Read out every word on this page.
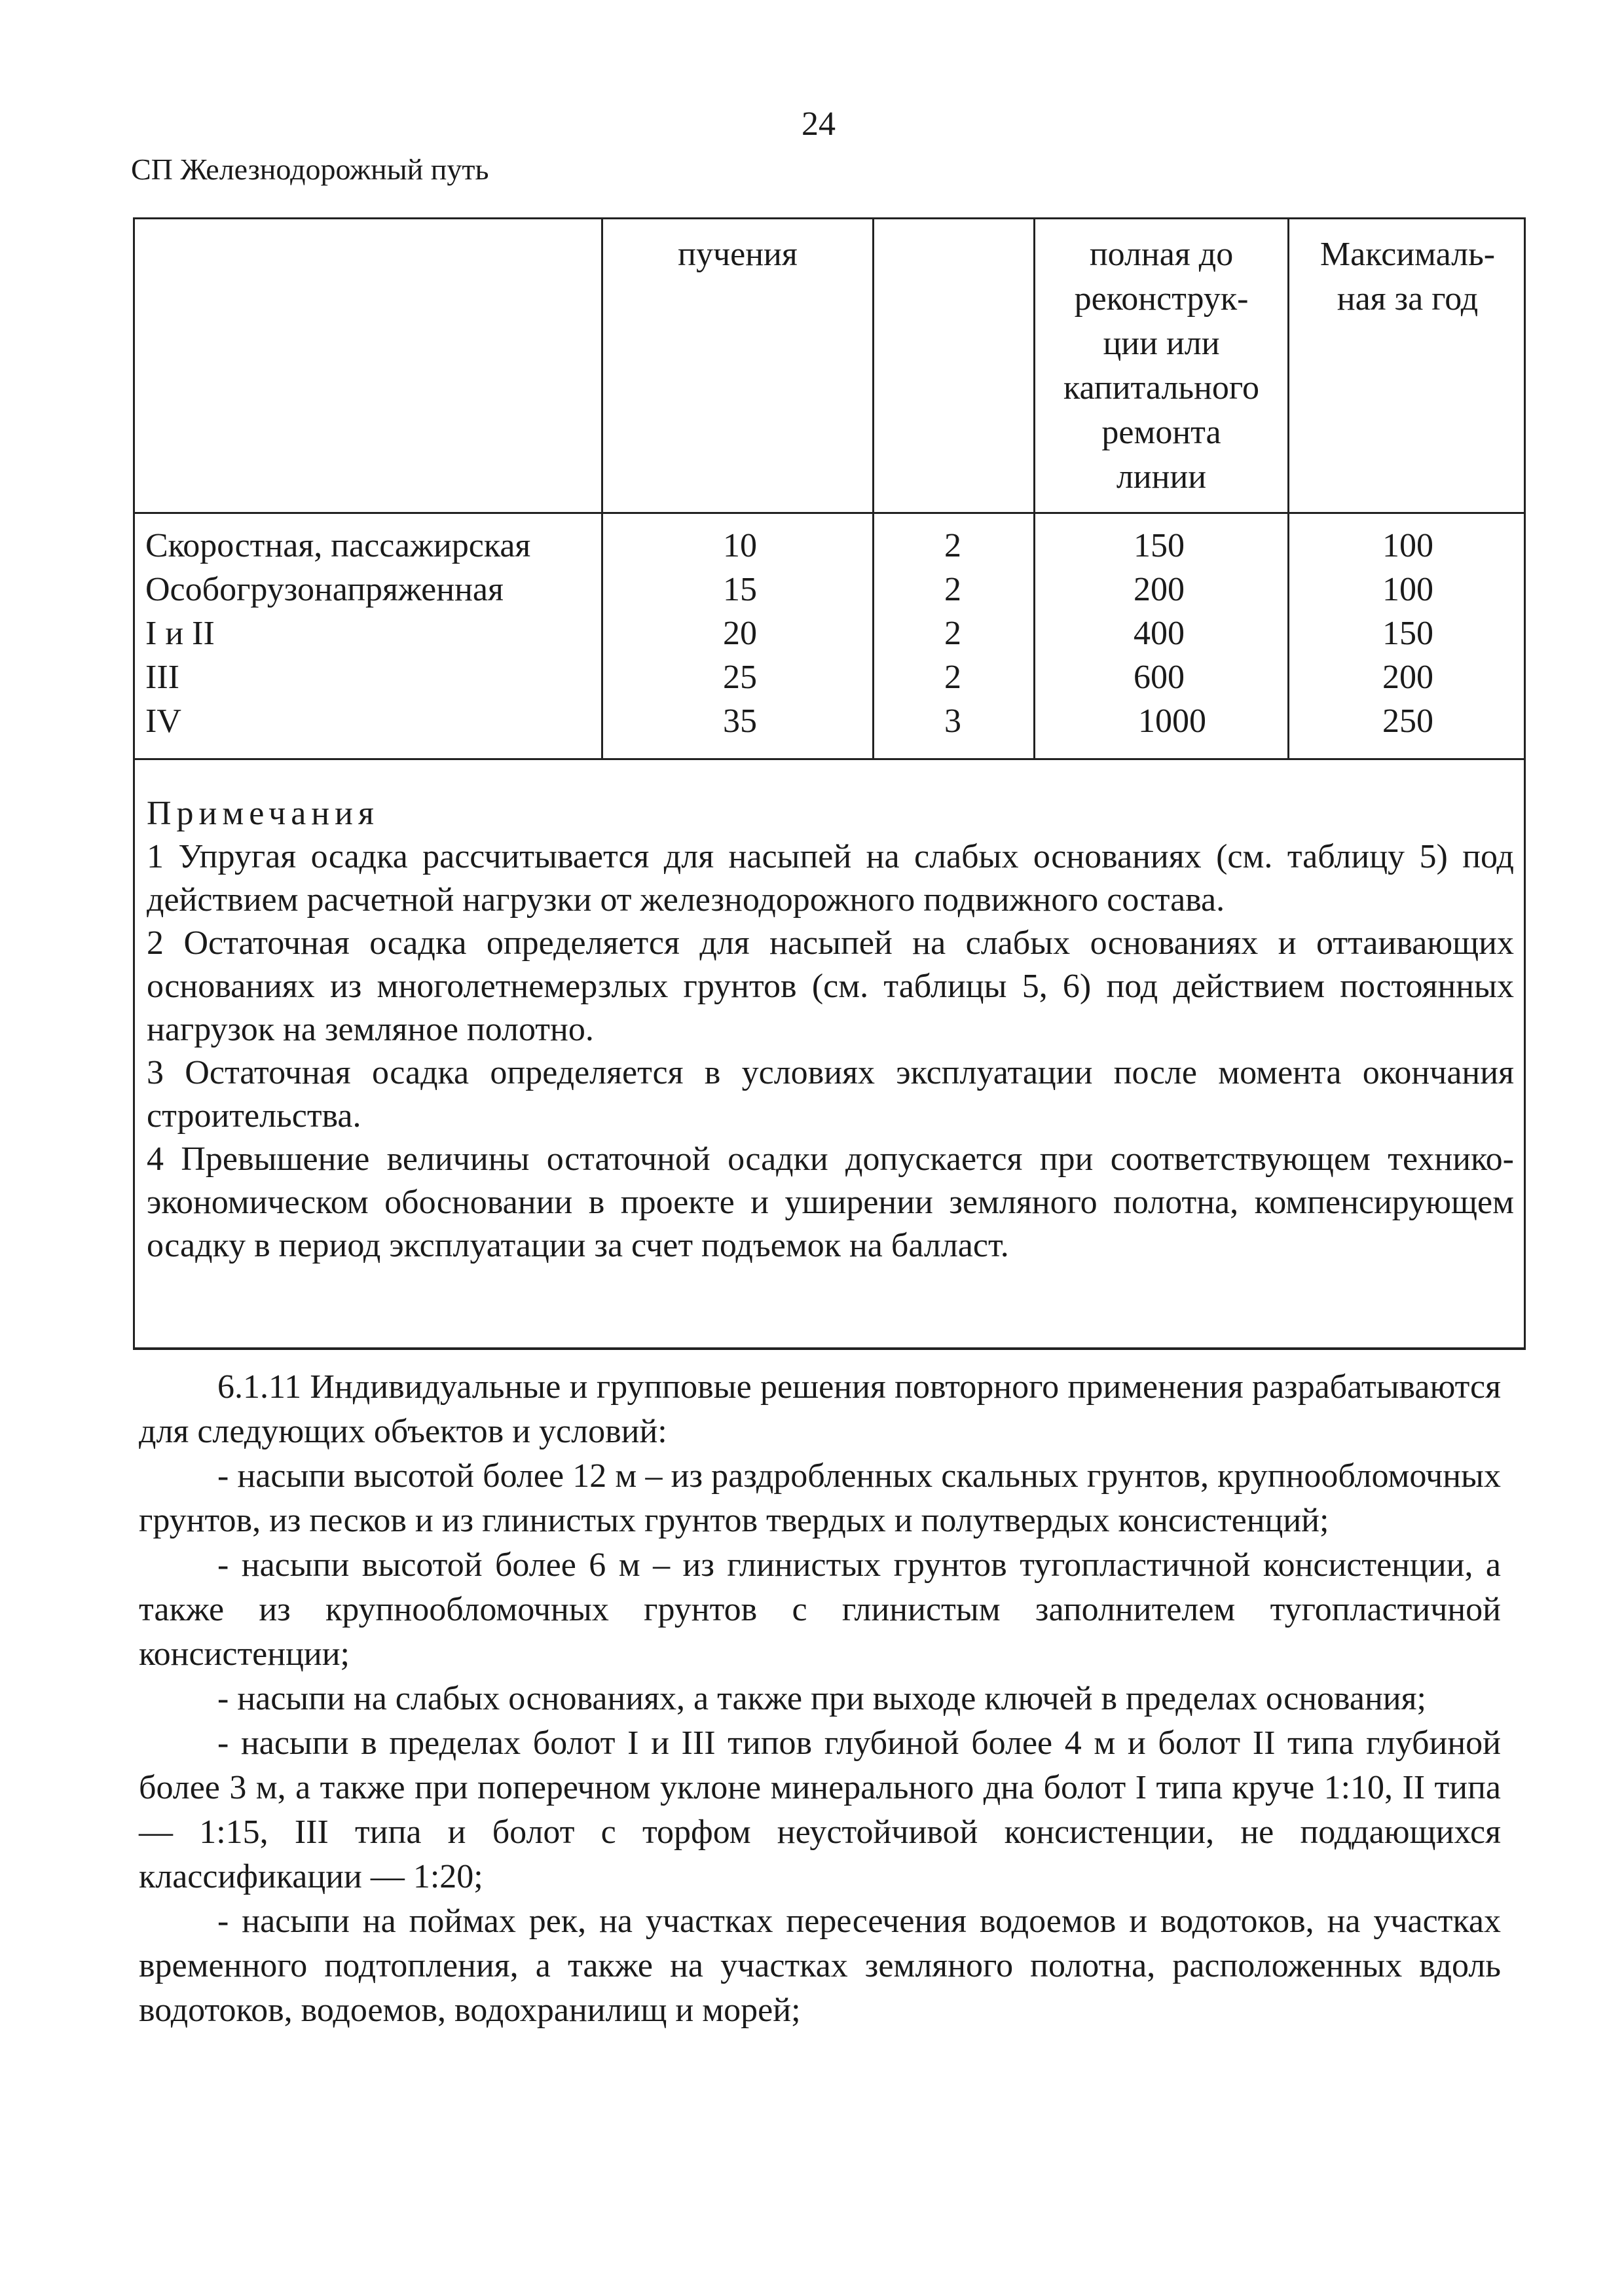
24
СП Железнодорожный путь
пучения	полная до
реконструк-
ции или
капитального
ремонта
линии
Максималь-
ная за год
Скоростная, пассажирская
Особогрузонапряженная
I и II
III
IV
10
15
20
25
35
2
2
2
2
3
150
200
400
600
1000
100
100
150
200
250

Примечания

1 Упругая осадка рассчитывается для насыпей на слабых основаниях (см. таблицу 5) под действием расчетной нагрузки от железнодорожного подвижного состава.

2 Остаточная осадка определяется для насыпей на слабых основаниях и оттаивающих основаниях из многолетнемерзлых грунтов (см. таблицы 5, 6) под действием постоянных нагрузок на земляное полотно.

3 Остаточная осадка определяется в условиях эксплуатации после момента окончания строительства.

4 Превышение величины остаточной осадки допускается при соответствующем технико-экономическом обосновании в проекте и уширении земляного полотна, компенсирующем осадку в период эксплуатации за счет подъемок на балласт.

6.1.11 Индивидуальные и групповые решения повторного применения разрабатываются для следующих объектов и условий:

- насыпи высотой более 12 м – из раздробленных скальных грунтов, крупнообломочных грунтов, из песков и из глинистых грунтов твердых и полутвердых консистенций;

- насыпи высотой более 6 м – из глинистых грунтов тугопластичной консистенции, а также из крупнообломочных грунтов с глинистым заполнителем тугопластичной консистенции;

- насыпи на слабых основаниях, а также при выходе ключей в пределах основания;

- насыпи в пределах болот I и III типов глубиной более 4 м и болот II типа глубиной более 3 м, а также при поперечном уклоне минерального дна болот I типа круче 1:10, II типа— 1:15, III типа и болот с торфом неустойчивой консистенции, не поддающихся классификации — 1:20;

- насыпи на поймах рек, на участках пересечения водоемов и водотоков, на участках временного подтопления, а также на участках земляного полотна, расположенных вдоль водотоков, водоемов, водохранилищ и морей;
